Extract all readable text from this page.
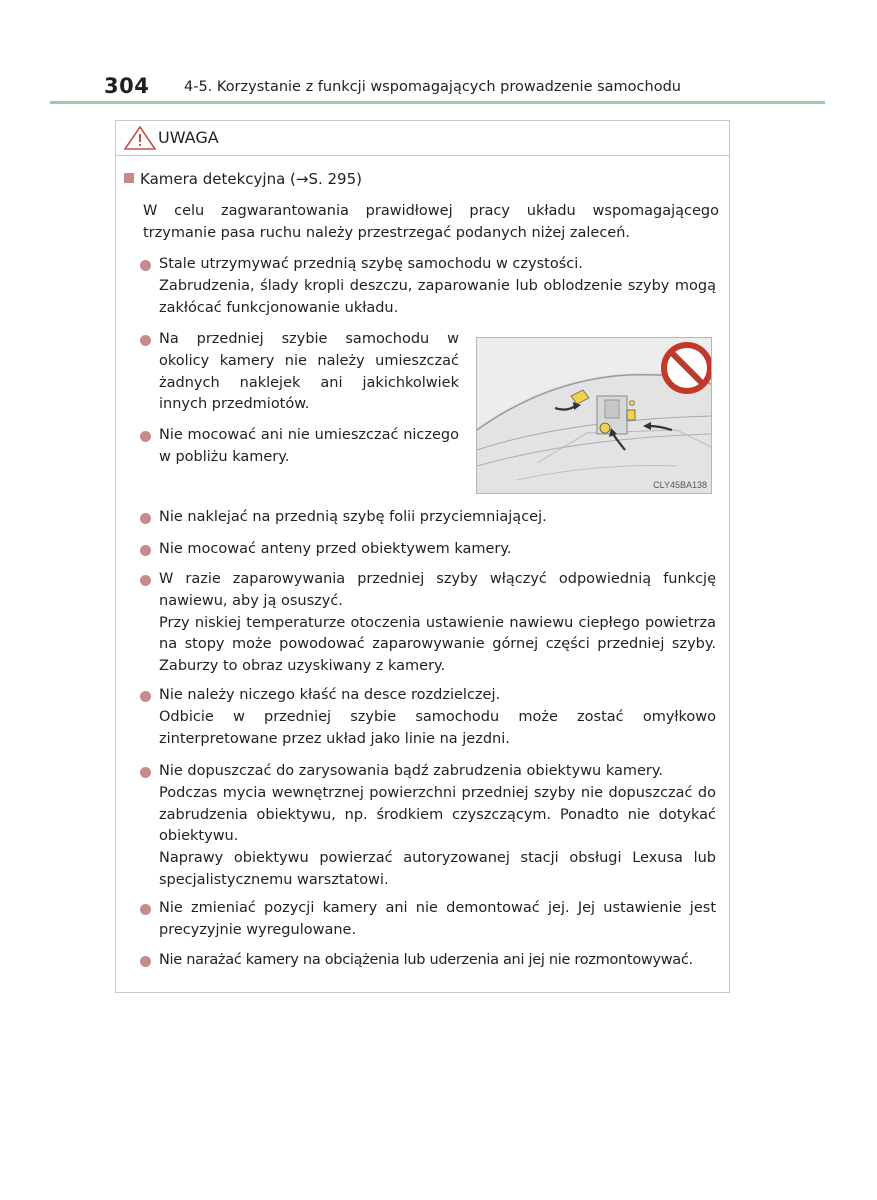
304 4-5. Korzystanie z funkcji wspomagających prowadzenie samochodu
UWAGA
Kamera detekcyjna (→S. 295)
W celu zagwarantowania prawidłowej pracy układu wspomagającego trzymanie pasa ruchu należy przestrzegać podanych niżej zaleceń.
Stale utrzymywać przednią szybę samochodu w czystości.
Zabrudzenia, ślady kropli deszczu, zaparowanie lub oblodzenie szyby mogą zakłócać funkcjonowanie układu.
Na przedniej szybie samochodu w okolicy kamery nie należy umieszczać żadnych naklejek ani jakichkolwiek innych przedmiotów.
Nie mocować ani nie umieszczać niczego w pobliżu kamery.
CLY45BA138
Nie naklejać na przednią szybę folii przyciemniającej.
Nie mocować anteny przed obiektywem kamery.
W razie zaparowywania przedniej szyby włączyć odpowiednią funkcję nawiewu, aby ją osuszyć.
Przy niskiej temperaturze otoczenia ustawienie nawiewu ciepłego powietrza na stopy może powodować zaparowywanie górnej części przedniej szyby. Zaburzy to obraz uzyskiwany z kamery.
Nie należy niczego kłaść na desce rozdzielczej.
Odbicie w przedniej szybie samochodu może zostać omyłkowo zinterpretowane przez układ jako linie na jezdni.
Nie dopuszczać do zarysowania bądź zabrudzenia obiektywu kamery.
Podczas mycia wewnętrznej powierzchni przedniej szyby nie dopuszczać do zabrudzenia obiektywu, np. środkiem czyszczącym. Ponadto nie dotykać obiektywu.
Naprawy obiektywu powierzać autoryzowanej stacji obsługi Lexusa lub specjalistycznemu warsztatowi.
Nie zmieniać pozycji kamery ani nie demontować jej. Jej ustawienie jest precyzyjnie wyregulowane.
Nie narażać kamery na obciążenia lub uderzenia ani jej nie rozmontowywać.
